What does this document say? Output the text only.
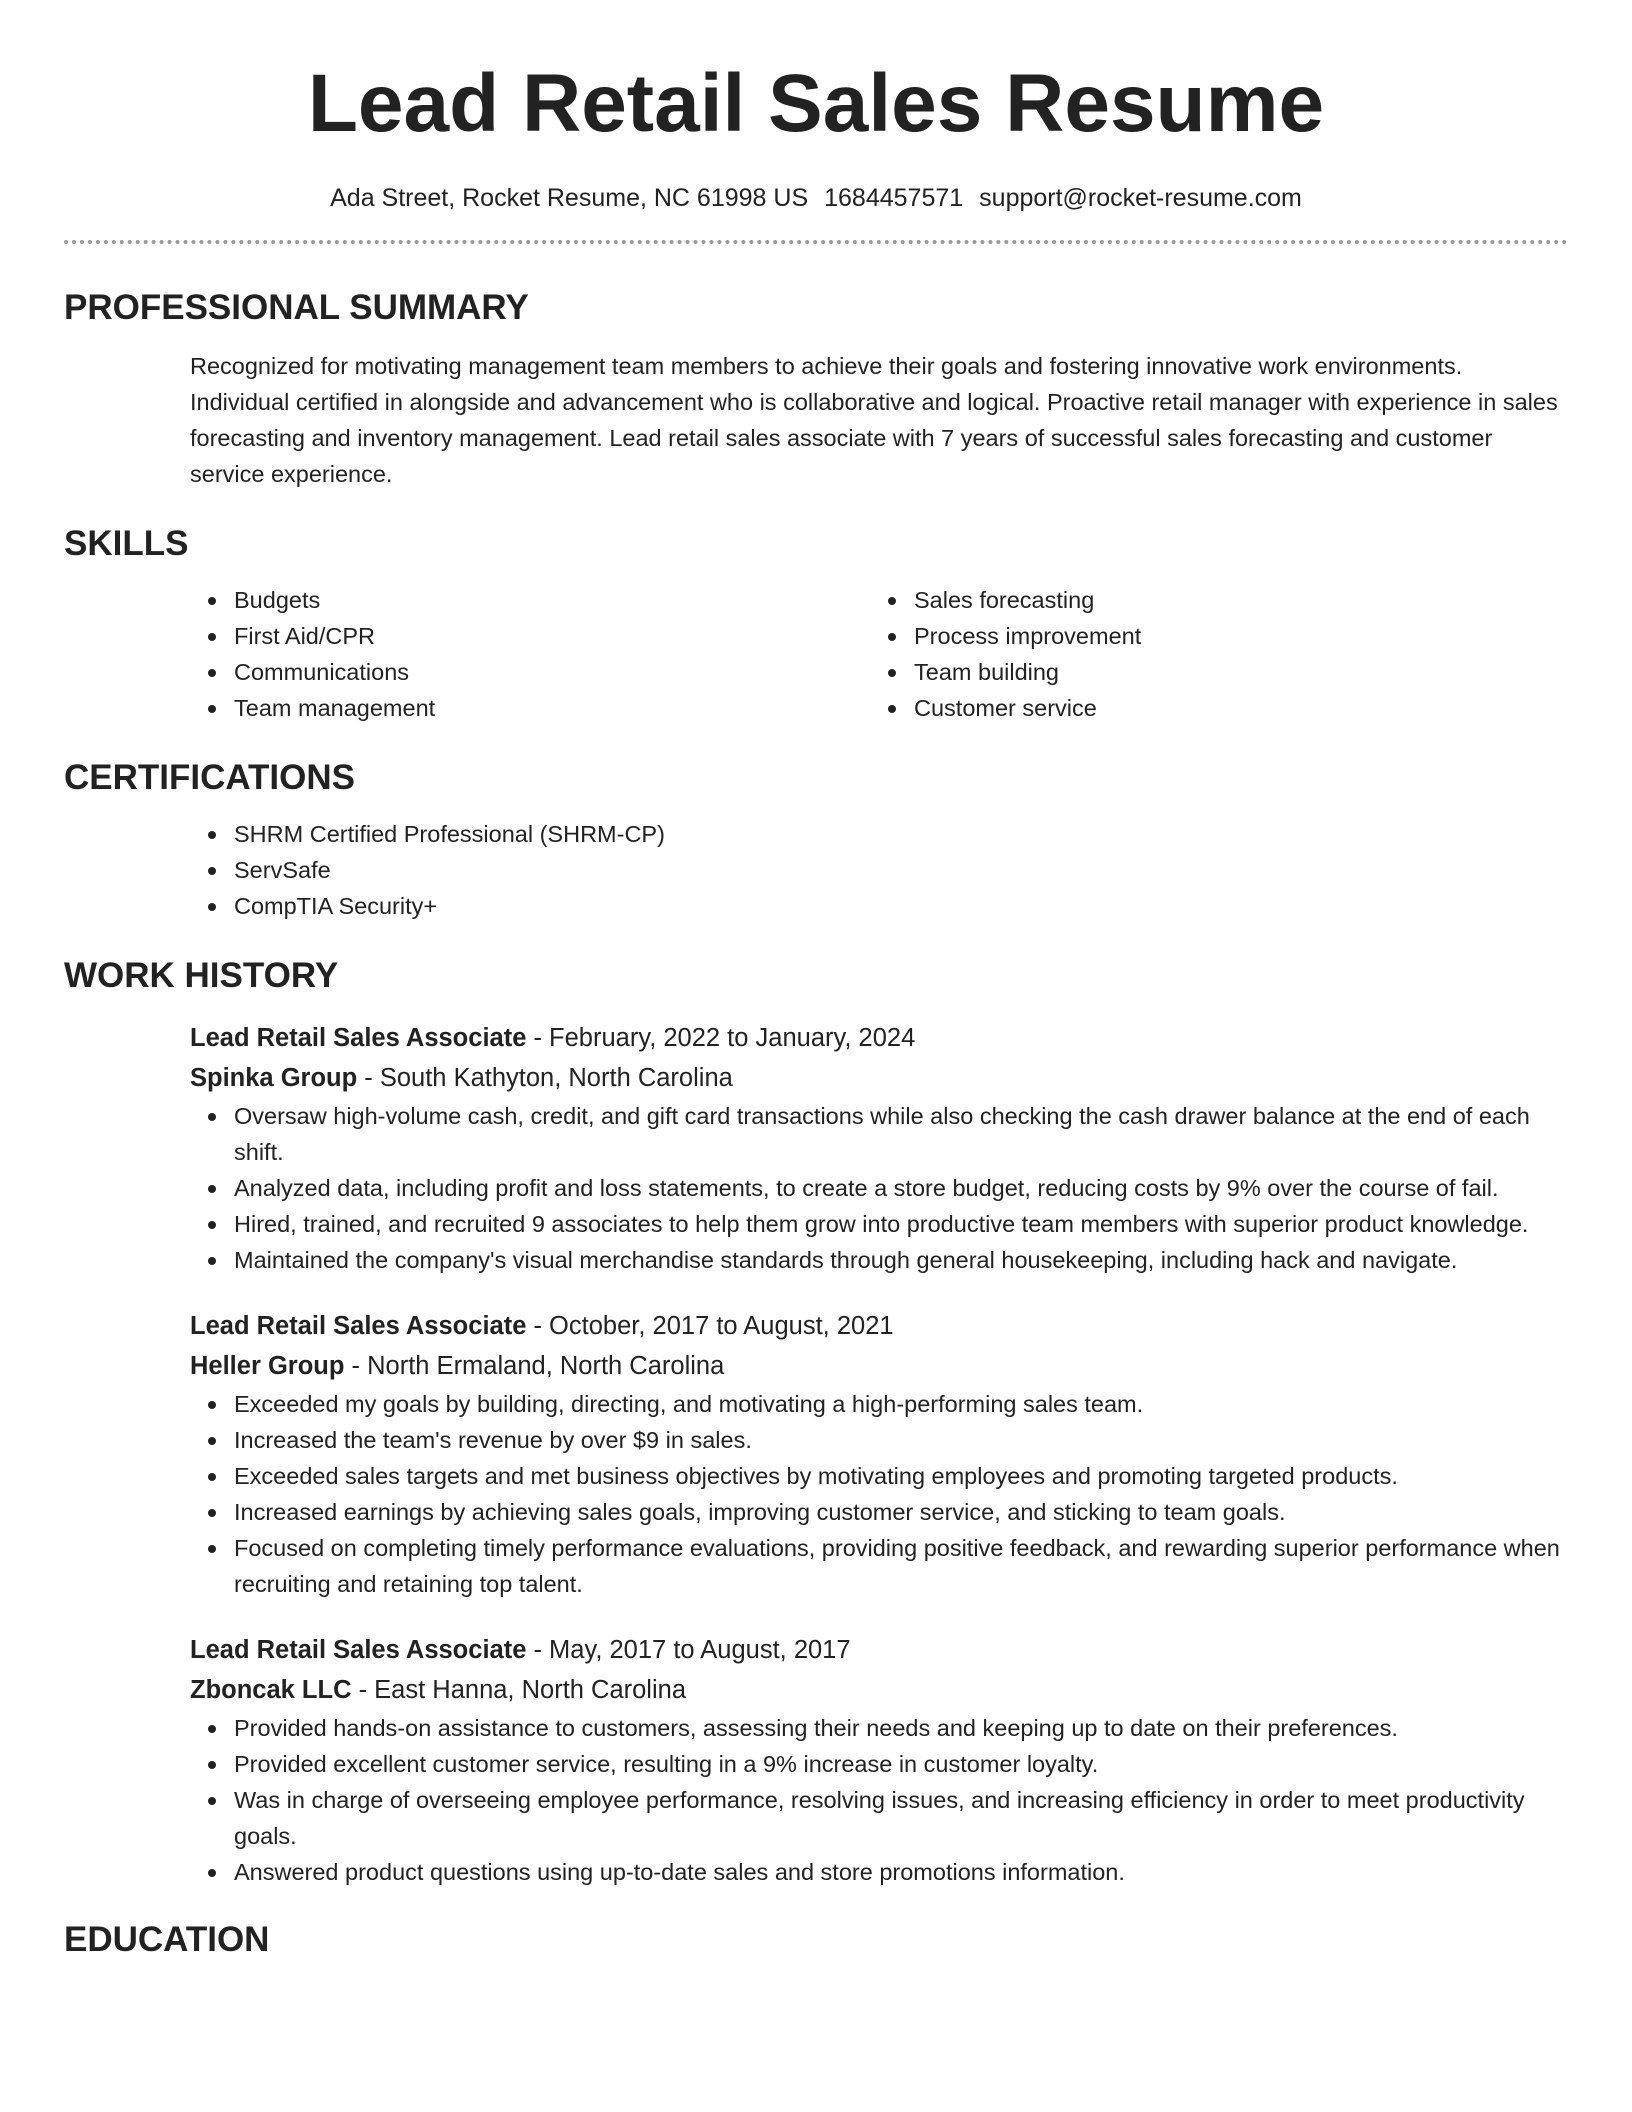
Lead Retail Sales Resume
Ada Street, Rocket Resume, NC 61998 US 1684457571 support@rocket-resume.com
PROFESSIONAL SUMMARY

Recognized for motivating management team members to achieve their goals and fostering innovative work environments. Individual certified in alongside and advancement who is collaborative and logical. Proactive retail manager with experience in sales forecasting and inventory management. Lead retail sales associate with 7 years of successful sales forecasting and customer service experience.

SKILLS
Budgets
First Aid/CPR
Communications
Team management
Sales forecasting
Process improvement
Team building
Customer service
CERTIFICATIONS
SHRM Certified Professional (SHRM-CP)
ServSafe
CompTIA Security+
WORK HISTORY
Lead Retail Sales Associate - February, 2022 to January, 2024
Spinka Group - South Kathyton, North Carolina
Oversaw high-volume cash, credit, and gift card transactions while also checking the cash drawer balance at the end of each shift.
Analyzed data, including profit and loss statements, to create a store budget, reducing costs by 9% over the course of fail.
Hired, trained, and recruited 9 associates to help them grow into productive team members with superior product knowledge.
Maintained the company's visual merchandise standards through general housekeeping, including hack and navigate.
Lead Retail Sales Associate - October, 2017 to August, 2021
Heller Group - North Ermaland, North Carolina
Exceeded my goals by building, directing, and motivating a high-performing sales team.
Increased the team's revenue by over $9 in sales.
Exceeded sales targets and met business objectives by motivating employees and promoting targeted products.
Increased earnings by achieving sales goals, improving customer service, and sticking to team goals.
Focused on completing timely performance evaluations, providing positive feedback, and rewarding superior performance when recruiting and retaining top talent.
Lead Retail Sales Associate - May, 2017 to August, 2017
Zboncak LLC - East Hanna, North Carolina
Provided hands-on assistance to customers, assessing their needs and keeping up to date on their preferences.
Provided excellent customer service, resulting in a 9% increase in customer loyalty.
Was in charge of overseeing employee performance, resolving issues, and increasing efficiency in order to meet productivity goals.
Answered product questions using up-to-date sales and store promotions information.
EDUCATION
